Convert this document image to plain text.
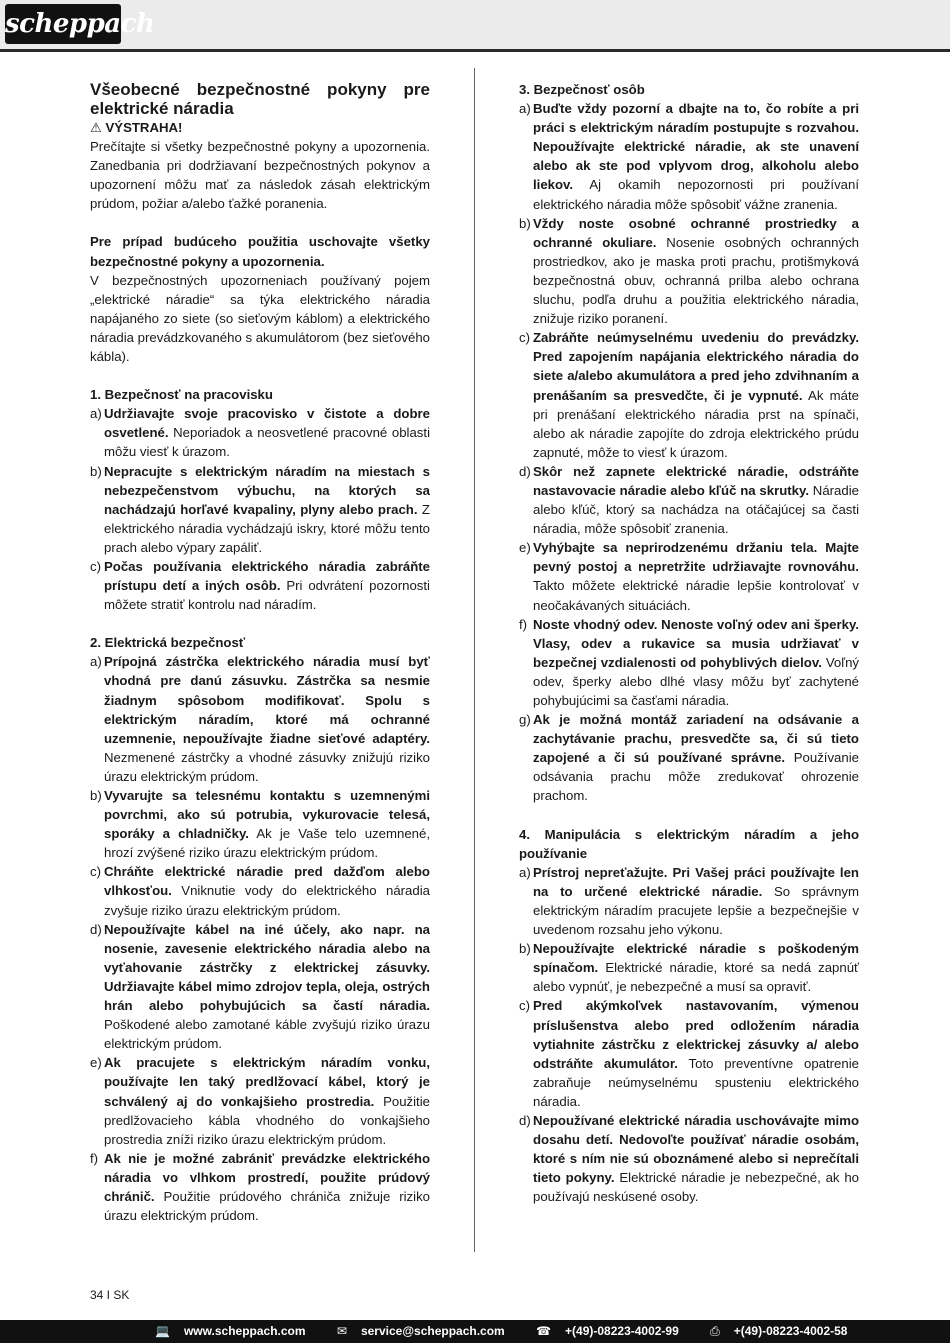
scheppach

Všeobecné bezpečnostné pokyny pre elektrické náradia

⚠ VÝSTRAHA!

Prečítajte si všetky bezpečnostné pokyny a upozornenia. Zanedbania pri dodržiavaní bezpečnostných pokynov a upozornení môžu mať za následok zásah elektrickým prúdom, požiar a/alebo ťažké poranenia.

Pre prípad budúceho použitia uschovajte všetky bezpečnostné pokyny a upozornenia.

V bezpečnostných upozorneniach používaný pojem „elektrické náradie“ sa týka elektrického náradia napájaného zo siete (so sieťovým káblom) a elektrického náradia prevádzkovaného s akumulátorom (bez sieťového kábla).

1. Bezpečnosť na pracovisku

a) Udržiavajte svoje pracovisko v čistote a dobre osvetlené. Neporiadok a neosvetlené pracovné oblasti môžu viesť k úrazom.
b) Nepracujte s elektrickým náradím na miestach s nebezpečenstvom výbuchu, na ktorých sa nachádzajú horľavé kvapaliny, plyny alebo prach. Z elektrického náradia vychádzajú iskry, ktoré môžu tento prach alebo výpary zapáliť.
c) Počas používania elektrického náradia zabráňte prístupu detí a iných osôb. Pri odvrátení pozornosti môžete stratiť kontrolu nad náradím.

2. Elektrická bezpečnosť

a) Prípojná zástrčka elektrického náradia musí byť vhodná pre danú zásuvku. Zástrčka sa nesmie žiadnym spôsobom modifikovať. Spolu s elektrickým náradím, ktoré má ochranné uzemnenie, nepoužívajte žiadne sieťové adaptéry. Nezmenené zástrčky a vhodné zásuvky znižujú riziko úrazu elektrickým prúdom.
b) Vyvarujte sa telesnému kontaktu s uzemnenými povrchmi, ako sú potrubia, vykurovacie telesá, sporáky a chladničky. Ak je Vaše telo uzemnené, hrozí zvýšené riziko úrazu elektrickým prúdom.
c) Chráňte elektrické náradie pred dažďom alebo vlhkosťou. Vniknutie vody do elektrického náradia zvyšuje riziko úrazu elektrickým prúdom.
d) Nepoužívajte kábel na iné účely, ako napr. na nosenie, zavesenie elektrického náradia alebo na vyťahovanie zástrčky z elektrickej zásuvky. Udržiavajte kábel mimo zdrojov tepla, oleja, ostrých hrán alebo pohybujúcich sa častí náradia. Poškodené alebo zamotané káble zvyšujú riziko úrazu elektrickým prúdom.
e) Ak pracujete s elektrickým náradím vonku, používajte len taký predlžovací kábel, ktorý je schválený aj do vonkajšieho prostredia. Použitie predlžovacieho kábla vhodného do vonkajšieho prostredia zníži riziko úrazu elektrickým prúdom.
f) Ak nie je možné zabrániť prevádzke elektrického náradia vo vlhkom prostredí, použite prúdový chránič. Použitie prúdového chrániča znižuje riziko úrazu elektrickým prúdom.

3. Bezpečnosť osôb

a) Buďte vždy pozorní a dbajte na to, čo robíte a pri práci s elektrickým náradím postupujte s rozvahou. Nepoužívajte elektrické náradie, ak ste unavení alebo ak ste pod vplyvom drog, alkoholu alebo liekov. Aj okamih nepozornosti pri používaní elektrického náradia môže spôsobiť vážne zranenia.
b) Vždy noste osobné ochranné prostriedky a ochranné okuliare. Nosenie osobných ochranných prostriedkov, ako je maska proti prachu, protišmyková bezpečnostná obuv, ochranná prilba alebo ochrana sluchu, podľa druhu a použitia elektrického náradia, znižuje riziko poranení.
c) Zabráňte neúmyselnému uvedeniu do prevádzky. Pred zapojením napájania elektrického náradia do siete a/alebo akumulátora a pred jeho zdvihnaním a prenášaním sa presvedčte, či je vypnuté. Ak máte pri prenášaní elektrického náradia prst na spínači, alebo ak náradie zapojíte do zdroja elektrického prúdu zapnuté, môže to viesť k úrazom.
d) Skôr než zapnete elektrické náradie, odstráňte nastavovacie náradie alebo kľúč na skrutky. Náradie alebo kľúč, ktorý sa nachádza na otáčajúcej sa časti náradia, môže spôsobiť zranenia.
e) Vyhýbajte sa neprirodzenému držaniu tela. Majte pevný postoj a nepretržite udržiavajte rovnováhu. Takto môžete elektrické náradie lepšie kontrolovať v neočakávaných situáciách.
f) Noste vhodný odev. Nenoste voľný odev ani šperky. Vlasy, odev a rukavice sa musia udržiavať v bezpečnej vzdialenosti od pohyblivých dielov. Voľný odev, šperky alebo dlhé vlasy môžu byť zachytené pohybujúcimi sa časťami náradia.
g) Ak je možná montáž zariadení na odsávanie a zachytávanie prachu, presvedčte sa, či sú tieto zapojené a či sú používané správne. Používanie odsávania prachu môže zredukovať ohrozenie prachom.

4. Manipulácia s elektrickým náradím a jeho používanie

a) Prístroj nepreťažujte. Pri Vašej práci používajte len na to určené elektrické náradie. So správnym elektrickým náradím pracujete lepšie a bezpečnejšie v uvedenom rozsahu jeho výkonu.
b) Nepoužívajte elektrické náradie s poškodeným spínačom. Elektrické náradie, ktoré sa nedá zapnúť alebo vypnúť, je nebezpečné a musí sa opraviť.
c) Pred akýmkoľvek nastavovaním, výmenou príslušenstva alebo pred odložením náradia vytiahnite zástrčku z elektrickej zásuvky a/ alebo odstráňte akumulátor. Toto preventívne opatrenie zabraňuje neúmyselnému spusteniu elektrického náradia.
d) Nepoužívané elektrické náradia uschovávajte mimo dosahu detí. Nedovoľte používať náradie osobám, ktoré s ním nie sú oboznámené alebo si neprečítali tieto pokyny. Elektrické náradie je nebezpečné, ak ho používajú neskúsené osoby.
34 I SK
💻 www.scheppach.com	✉ service@scheppach.com	☎ +(49)-08223-4002-99	⎙ +(49)-08223-4002-58
